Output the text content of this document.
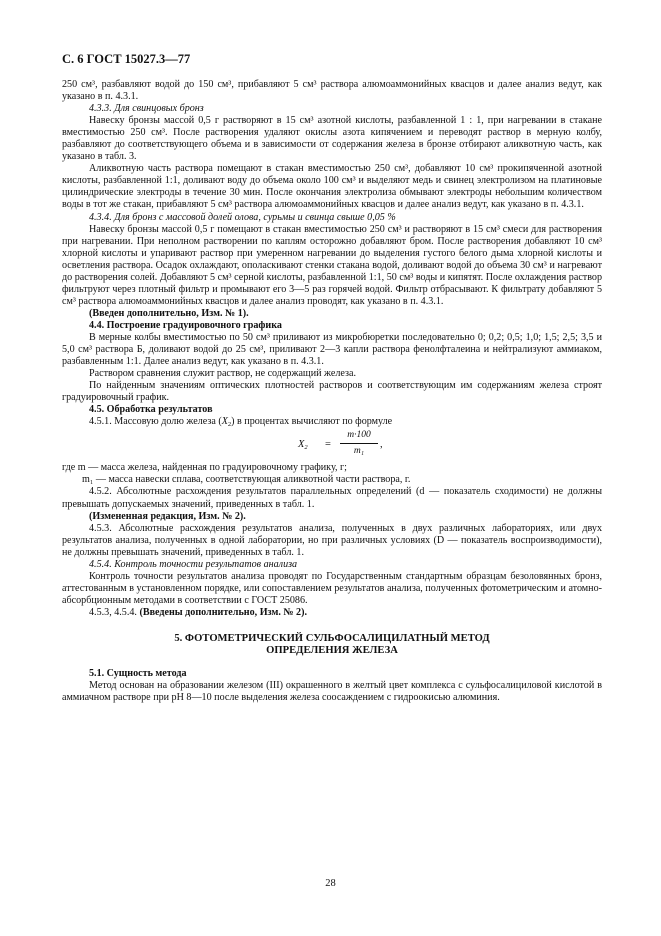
С. 6 ГОСТ 15027.3—77

250 см³, разбавляют водой до 150 см³, прибавляют 5 см³ раствора алюмоаммонийных квасцов и далее анализ ведут, как указано в п. 4.3.1.

4.3.3. Для свинцовых бронз

Навеску бронзы массой 0,5 г растворяют в 15 см³ азотной кислоты, разбавленной 1 : 1, при нагревании в стакане вместимостью 250 см³. После растворения удаляют окислы азота кипячением и переводят раствор в мерную колбу, разбавляют до соответствующего объема и в зависимости от содержания железа в бронзе отбирают аликвотную часть, как указано в табл. 3.

Аликвотную часть раствора помещают в стакан вместимостью 250 см³, добавляют 10 см³ прокипяченной азотной кислоты, разбавленной 1:1, доливают воду до объема около 100 см³ и выделяют медь и свинец электролизом на платиновые цилиндрические электроды в течение 30 мин. После окончания электролиза обмывают электроды небольшим количеством воды в тот же стакан, прибавляют 5 см³ раствора алюмоаммонийных квасцов и далее анализ ведут, как указано в п. 4.3.1.

4.3.4. Для бронз с массовой долей олова, сурьмы и свинца свыше 0,05 %

Навеску бронзы массой 0,5 г помещают в стакан вместимостью 250 см³ и растворяют в 15 см³ смеси для растворения при нагревании. При неполном растворении по каплям осторожно добавляют бром. После растворения добавляют 10 см³ хлорной кислоты и упаривают раствор при умеренном нагревании до выделения густого белого дыма хлорной кислоты и осветления раствора. Осадок охлаждают, ополаскивают стенки стакана водой, доливают водой до объема 30 см³ и нагревают до растворения солей. Добавляют 5 см³ серной кислоты, разбавленной 1:1, 50 см³ воды и кипятят. После охлаждения раствор фильтруют через плотный фильтр и промывают его 3—5 раз горячей водой. Фильтр отбрасывают. К фильтрату добавляют 5 см³ раствора алюмоаммонийных квасцов и далее анализ проводят, как указано в п. 4.3.1.

(Введен дополнительно, Изм. № 1).

4.4. Построение градуировочного графика

В мерные колбы вместимостью по 50 см³ приливают из микробюретки последовательно 0; 0,2; 0,5; 1,0; 1,5; 2,5; 3,5 и 5,0 см³ раствора Б, доливают водой до 25 см³, приливают 2—3 капли раствора фенолфталеина и нейтрализуют аммиаком, разбавленным 1:1. Далее анализ ведут, как указано в п. 4.3.1.

Раствором сравнения служит раствор, не содержащий железа.

По найденным значениям оптических плотностей растворов и соответствующим им содержаниям железа строят градуировочный график.

4.5. Обработка результатов

4.5.1. Массовую долю железа $(X_2)$ в процентах вычисляют по формуле

$X_2$ =
m·100
m₁
,

где m — масса железа, найденная по градуировочному графику, г;

m₁ — масса навески сплава, соответствующая аликвотной части раствора, г.

4.5.2. Абсолютные расхождения результатов параллельных определений (d — показатель сходимости) не должны превышать допускаемых значений, приведенных в табл. 1.

(Измененная редакция, Изм. № 2).

4.5.3. Абсолютные расхождения результатов анализа, полученных в двух различных лабораториях, или двух результатов анализа, полученных в одной лаборатории, но при различных условиях (D — показатель воспроизводимости), не должны превышать значений, приведенных в табл. 1.

4.5.4. Контроль точности результатов анализа

Контроль точности результатов анализа проводят по Государственным стандартным образцам безоловянных бронз, аттестованным в установленном порядке, или сопоставлением результатов анализа, полученных фотометрическим и атомно-абсорбционным методами в соответствии с ГОСТ 25086.

4.5.3, 4.5.4. (Введены дополнительно, Изм. № 2).

5. ФОТОМЕТРИЧЕСКИЙ СУЛЬФОСАЛИЦИЛАТНЫЙ МЕТОД
ОПРЕДЕЛЕНИЯ ЖЕЛЕЗА

5.1. Сущность метода

Метод основан на образовании железом (III) окрашенного в желтый цвет комплекса с сульфосалициловой кислотой в аммиачном растворе при pH 8—10 после выделения железа соосаждением с гидроокисью алюминия.

28
